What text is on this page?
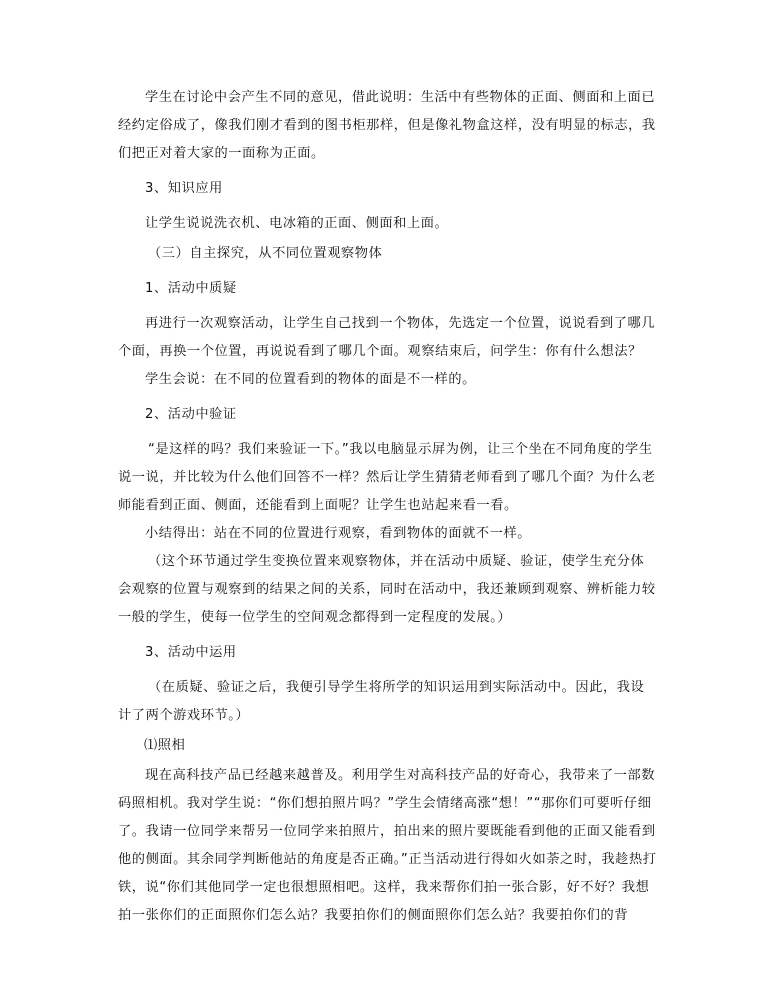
学生在讨论中会产生不同的意见，借此说明：生活中有些物体的正面、侧面和上面已经约定俗成了，像我们刚才看到的图书柜那样，但是像礼物盒这样，没有明显的标志，我们把正对着大家的一面称为正面。

3、知识应用

让学生说说洗衣机、电冰箱的正面、侧面和上面。

（三）自主探究，从不同位置观察物体

1、活动中质疑

再进行一次观察活动，让学生自己找到一个物体，先选定一个位置，说说看到了哪几个面，再换一个位置，再说说看到了哪几个面。观察结束后，问学生：你有什么想法？

学生会说：在不同的位置看到的物体的面是不一样的。

2、活动中验证

“是这样的吗？我们来验证一下。”我以电脑显示屏为例，让三个坐在不同角度的学生说一说，并比较为什么他们回答不一样？然后让学生猜猜老师看到了哪几个面？为什么老师能看到正面、侧面，还能看到上面呢？让学生也站起来看一看。

小结得出：站在不同的位置进行观察，看到物体的面就不一样。

（这个环节通过学生变换位置来观察物体，并在活动中质疑、验证，使学生充分体会观察的位置与观察到的结果之间的关系，同时在活动中，我还兼顾到观察、辨析能力较一般的学生，使每一位学生的空间观念都得到一定程度的发展。）

3、活动中运用

（在质疑、验证之后，我便引导学生将所学的知识运用到实际活动中。因此，我设计了两个游戏环节。）

⑴照相

现在高科技产品已经越来越普及。利用学生对高科技产品的好奇心，我带来了一部数码照相机。我对学生说：“你们想拍照片吗？”学生会情绪高涨“想！”“那你们可要听仔细了。我请一位同学来帮另一位同学来拍照片，拍出来的照片要既能看到他的正面又能看到他的侧面。其余同学判断他站的角度是否正确。”正当活动进行得如火如荼之时，我趁热打铁，说“你们其他同学一定也很想照相吧。这样，我来帮你们拍一张合影，好不好？我想拍一张你们的正面照你们怎么站？我要拍你们的侧面照你们怎么站？我要拍你们的背
